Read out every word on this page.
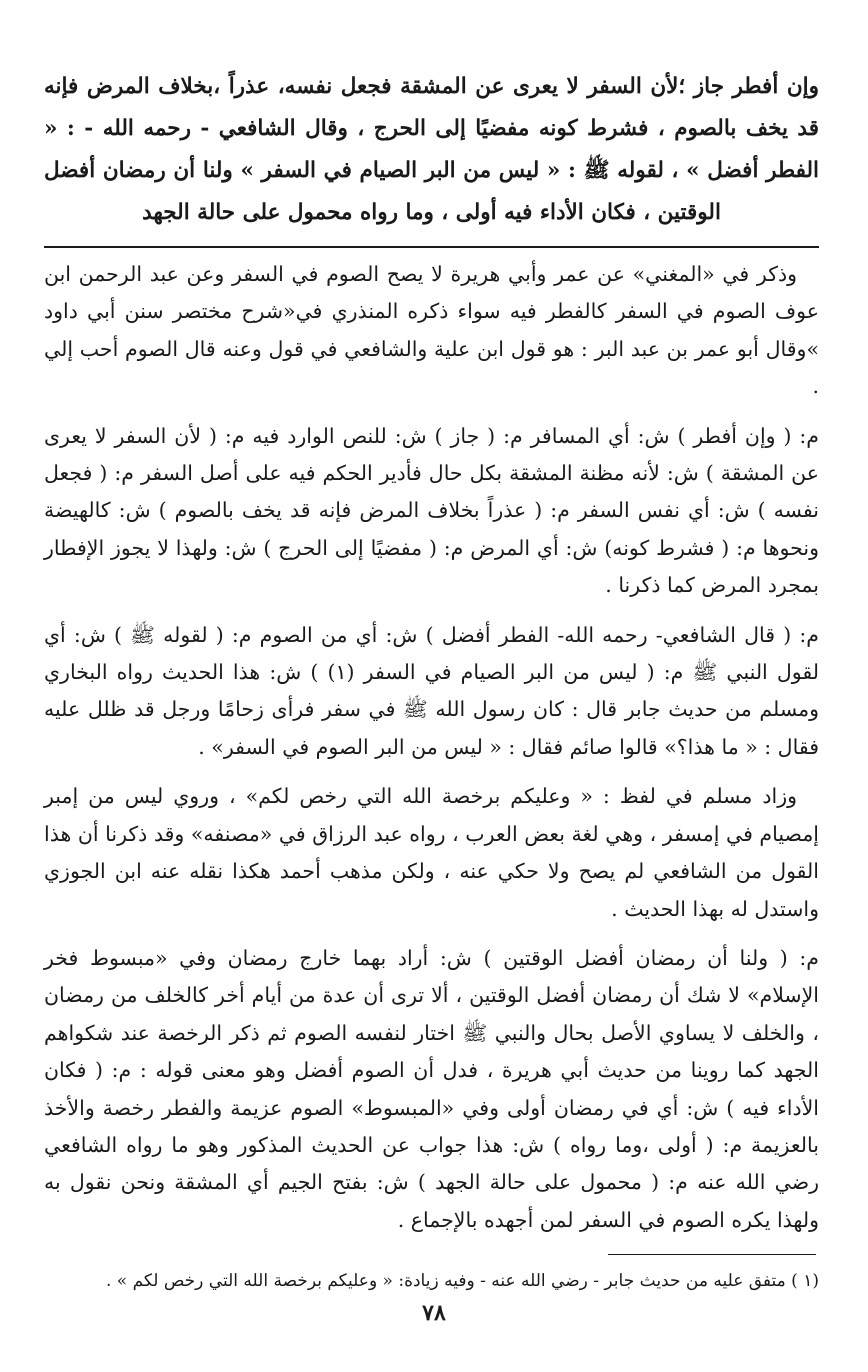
وإن أفطر جاز ؛لأن السفر لا يعرى عن المشقة فجعل نفسه، عذراً ،بخلاف المرض فإنه قد يخف بالصوم ، فشرط كونه مفضيًا إلى الحرج ، وقال الشافعي - رحمه الله - : « الفطر أفضل » ، لقوله ﷺ : « ليس من البر الصيام في السفر » ولنا أن رمضان أفضل الوقتين ، فكان الأداء فيه أولى ، وما رواه محمول على حالة الجهد

وذكر في «المغني» عن عمر وأبي هريرة لا يصح الصوم في السفر وعن عبد الرحمن ابن عوف الصوم في السفر كالفطر فيه سواء ذكره المنذري في«شرح مختصر سنن أبي داود »وقال أبو عمر بن عبد البر : هو قول ابن علية والشافعي في قول وعنه قال الصوم أحب إلي .

م: ( وإن أفطر ) ش: أي المسافر م: ( جاز ) ش: للنص الوارد فيه م: ( لأن السفر لا يعرى عن المشقة ) ش: لأنه مظنة المشقة بكل حال فأدير الحكم فيه على أصل السفر م: ( فجعل نفسه ) ش: أي نفس السفر م: ( عذراً بخلاف المرض فإنه قد يخف بالصوم ) ش: كالهيضة ونحوها م: ( فشرط كونه) ش: أي المرض م: ( مفضيًا إلى الحرج ) ش: ولهذا لا يجوز الإفطار بمجرد المرض كما ذكرنا .

م: ( قال الشافعي- رحمه الله- الفطر أفضل ) ش: أي من الصوم م: ( لقوله ﷺ ) ش: أي لقول النبي ﷺ م: ( ليس من البر الصيام في السفر (١) ) ش: هذا الحديث رواه البخاري ومسلم من حديث جابر قال : كان رسول الله ﷺ في سفر فرأى زحامًا ورجل قد ظلل عليه فقال : « ما هذا؟» قالوا صائم فقال : « ليس من البر الصوم في السفر» .

وزاد مسلم في لفظ : « وعليكم برخصة الله التي رخص لكم» ، وروي ليس من إمبر إمصيام في إمسفر ، وهي لغة بعض العرب ، رواه عبد الرزاق في «مصنفه» وقد ذكرنا أن هذا القول من الشافعي لم يصح ولا حكي عنه ، ولكن مذهب أحمد هكذا نقله عنه ابن الجوزي واستدل له بهذا الحديث .

م: ( ولنا أن رمضان أفضل الوقتين ) ش: أراد بهما خارج رمضان وفي «مبسوط فخر الإسلام» لا شك أن رمضان أفضل الوقتين ، ألا ترى أن عدة من أيام أخر كالخلف من رمضان ، والخلف لا يساوي الأصل بحال والنبي ﷺ اختار لنفسه الصوم ثم ذكر الرخصة عند شكواهم الجهد كما روينا من حديث أبي هريرة ، فدل أن الصوم أفضل وهو معنى قوله : م: ( فكان الأداء فيه ) ش: أي في رمضان أولى وفي «المبسوط» الصوم عزيمة والفطر رخصة والأخذ بالعزيمة م: ( أولى ،وما رواه ) ش: هذا جواب عن الحديث المذكور وهو ما رواه الشافعي رضي الله عنه م: ( محمول على حالة الجهد ) ش: بفتح الجيم أي المشقة ونحن نقول به ولهذا يكره الصوم في السفر لمن أجهده بالإجماع .

(١ ) متفق عليه من حديث جابر - رضي الله عنه - وفيه زيادة: « وعليكم برخصة الله التي رخص لكم » .

٧٨
